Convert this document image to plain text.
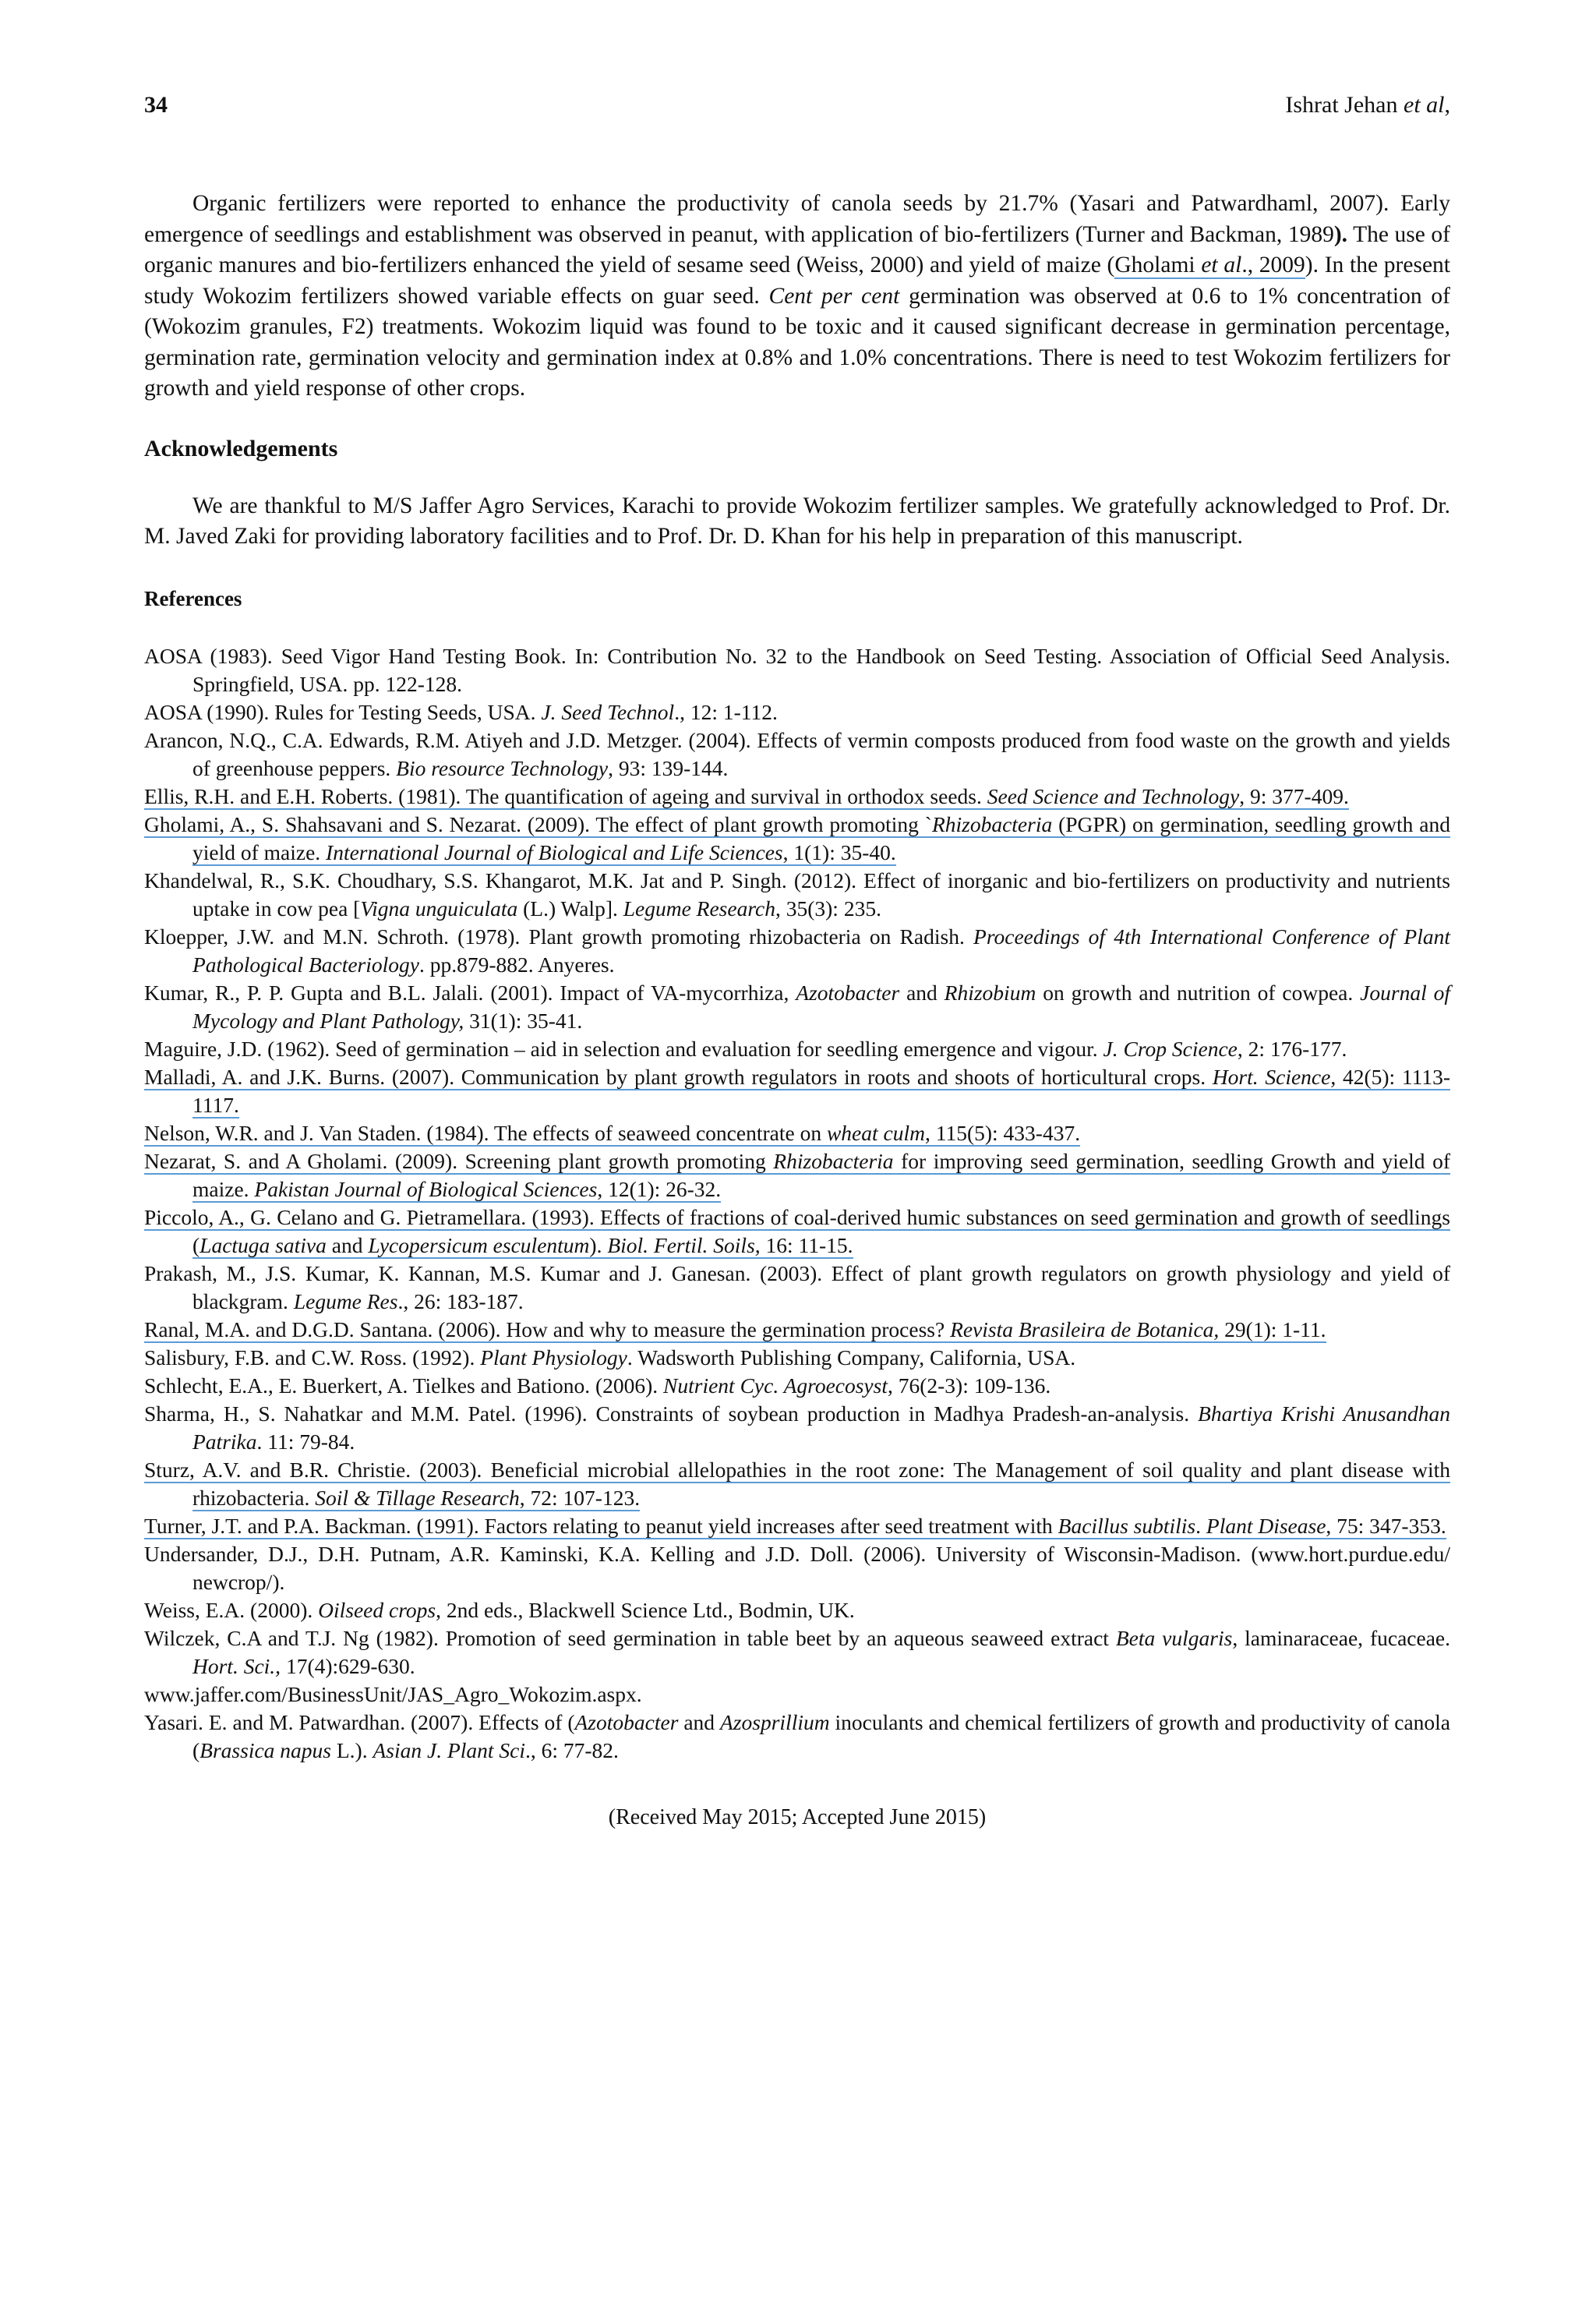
34	Ishrat Jehan et al,

Organic fertilizers were reported to enhance the productivity of canola seeds by 21.7% (Yasari and Patwardhaml, 2007). Early emergence of seedlings and establishment was observed in peanut, with application of bio-fertilizers (Turner and Backman, 1989). The use of organic manures and bio-fertilizers enhanced the yield of sesame seed (Weiss, 2000) and yield of maize (Gholami et al., 2009). In the present study Wokozim fertilizers showed variable effects on guar seed. Cent per cent germination was observed at 0.6 to 1% concentration of (Wokozim granules, F2) treatments. Wokozim liquid was found to be toxic and it caused significant decrease in germination percentage, germination rate, germination velocity and germination index at 0.8% and 1.0% concentrations. There is need to test Wokozim fertilizers for growth and yield response of other crops.

Acknowledgements

We are thankful to M/S Jaffer Agro Services, Karachi to provide Wokozim fertilizer samples. We gratefully acknowledged to Prof. Dr. M. Javed Zaki for providing laboratory facilities and to Prof. Dr. D. Khan for his help in preparation of this manuscript.

References

AOSA (1983). Seed Vigor Hand Testing Book. In: Contribution No. 32 to the Handbook on Seed Testing. Association of Official Seed Analysis. Springfield, USA. pp. 122-128.

AOSA (1990). Rules for Testing Seeds, USA. J. Seed Technol., 12: 1-112.

Arancon, N.Q., C.A. Edwards, R.M. Atiyeh and J.D. Metzger. (2004). Effects of vermin composts produced from food waste on the growth and yields of greenhouse peppers. Bio resource Technology, 93: 139-144.

Ellis, R.H. and E.H. Roberts. (1981). The quantification of ageing and survival in orthodox seeds. Seed Science and Technology, 9: 377-409.

Gholami, A., S. Shahsavani and S. Nezarat. (2009). The effect of plant growth promoting `Rhizobacteria (PGPR) on germination, seedling growth and yield of maize. International Journal of Biological and Life Sciences, 1(1): 35-40.

Khandelwal, R., S.K. Choudhary, S.S. Khangarot, M.K. Jat and P. Singh. (2012). Effect of inorganic and bio-fertilizers on productivity and nutrients uptake in cow pea [Vigna unguiculata (L.) Walp]. Legume Research, 35(3): 235.

Kloepper, J.W. and M.N. Schroth. (1978). Plant growth promoting rhizobacteria on Radish. Proceedings of 4th International Conference of Plant Pathological Bacteriology. pp.879-882. Anyeres.

Kumar, R., P. P. Gupta and B.L. Jalali. (2001). Impact of VA-mycorrhiza, Azotobacter and Rhizobium on growth and nutrition of cowpea. Journal of Mycology and Plant Pathology, 31(1): 35-41.

Maguire, J.D. (1962). Seed of germination – aid in selection and evaluation for seedling emergence and vigour. J. Crop Science, 2: 176-177.

Malladi, A. and J.K. Burns. (2007). Communication by plant growth regulators in roots and shoots of horticultural crops. Hort. Science, 42(5): 1113-1117.

Nelson, W.R. and J. Van Staden. (1984). The effects of seaweed concentrate on wheat culm, 115(5): 433-437.

Nezarat, S. and A Gholami. (2009). Screening plant growth promoting Rhizobacteria for improving seed germination, seedling Growth and yield of maize. Pakistan Journal of Biological Sciences, 12(1): 26-32.

Piccolo, A., G. Celano and G. Pietramellara. (1993). Effects of fractions of coal-derived humic substances on seed germination and growth of seedlings (Lactuga sativa and Lycopersicum esculentum). Biol. Fertil. Soils, 16: 11-15.

Prakash, M., J.S. Kumar, K. Kannan, M.S. Kumar and J. Ganesan. (2003). Effect of plant growth regulators on growth physiology and yield of blackgram. Legume Res., 26: 183-187.

Ranal, M.A. and D.G.D. Santana. (2006). How and why to measure the germination process? Revista Brasileira de Botanica, 29(1): 1-11.

Salisbury, F.B. and C.W. Ross. (1992). Plant Physiology. Wadsworth Publishing Company, California, USA.

Schlecht, E.A., E. Buerkert, A. Tielkes and Bationo. (2006). Nutrient Cyc. Agroecosyst, 76(2-3): 109-136.

Sharma, H., S. Nahatkar and M.M. Patel. (1996). Constraints of soybean production in Madhya Pradesh-an-analysis. Bhartiya Krishi Anusandhan Patrika. 11: 79-84.

Sturz, A.V. and B.R. Christie. (2003). Beneficial microbial allelopathies in the root zone: The Management of soil quality and plant disease with rhizobacteria. Soil & Tillage Research, 72: 107-123.

Turner, J.T. and P.A. Backman. (1991). Factors relating to peanut yield increases after seed treatment with Bacillus subtilis. Plant Disease, 75: 347-353.

Undersander, D.J., D.H. Putnam, A.R. Kaminski, K.A. Kelling and J.D. Doll. (2006). University of Wisconsin-Madison. (www.hort.purdue.edu/ newcrop/).

Weiss, E.A. (2000). Oilseed crops, 2nd eds., Blackwell Science Ltd., Bodmin, UK.

Wilczek, C.A and T.J. Ng (1982). Promotion of seed germination in table beet by an aqueous seaweed extract Beta vulgaris, laminaraceae, fucaceae. Hort. Sci., 17(4):629-630.

www.jaffer.com/BusinessUnit/JAS_Agro_Wokozim.aspx.

Yasari. E. and M. Patwardhan. (2007). Effects of (Azotobacter and Azosprillium inoculants and chemical fertilizers of growth and productivity of canola (Brassica napus L.). Asian J. Plant Sci., 6: 77-82.

(Received May 2015; Accepted June 2015)
